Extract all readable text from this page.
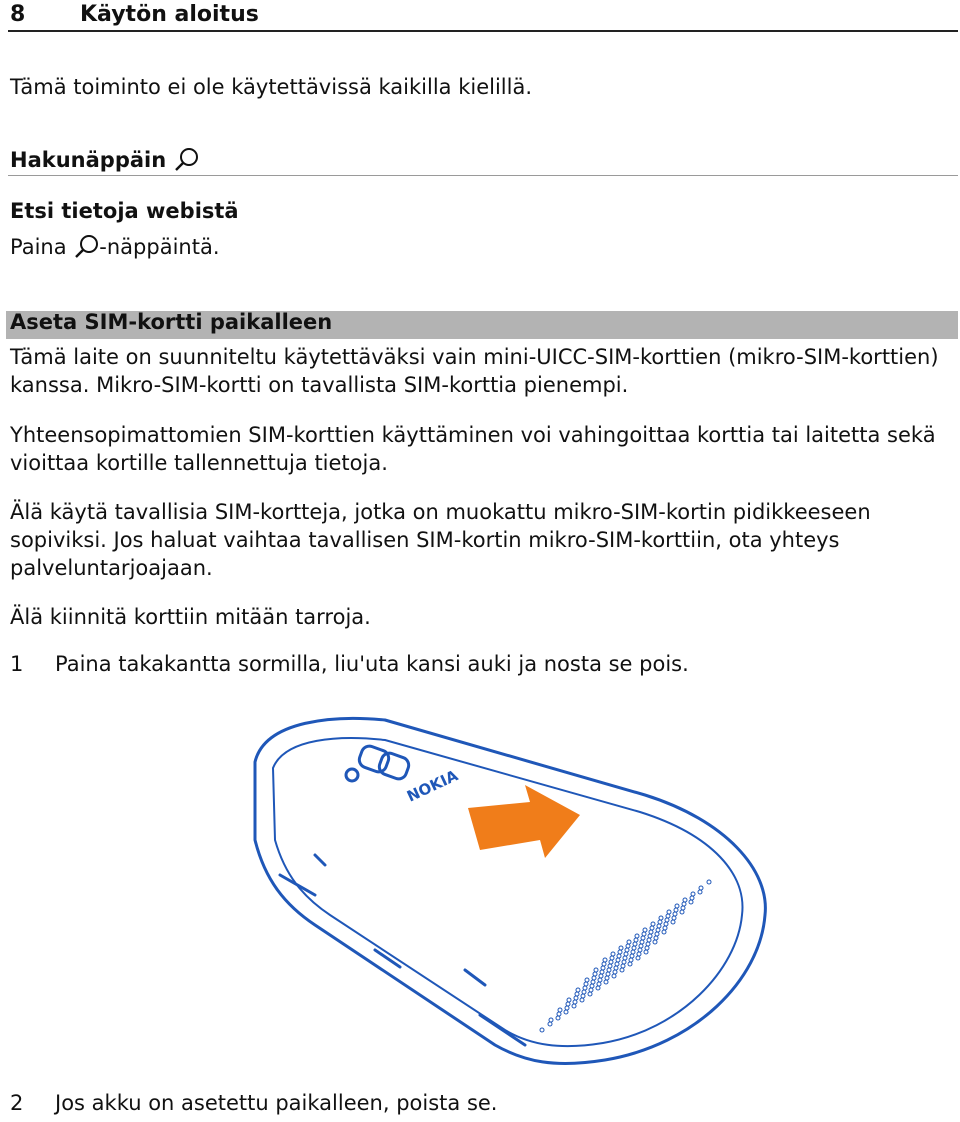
8 Käytön aloitus
Tämä toiminto ei ole käytettävissä kaikilla kielillä.
Hakunäppäin
Etsi tietoja webistä
Paina -näppäintä.
Aseta SIM-kortti paikalleen
Tämä laite on suunniteltu käytettäväksi vain mini-UICC-SIM-korttien (mikro-SIM-korttien) kanssa. Mikro-SIM-kortti on tavallista SIM-korttia pienempi.
Yhteensopimattomien SIM-korttien käyttäminen voi vahingoittaa korttia tai laitetta sekä vioittaa kortille tallennettuja tietoja.
Älä käytä tavallisia SIM-kortteja, jotka on muokattu mikro-SIM-kortin pidikkeeseen sopiviksi. Jos haluat vaihtaa tavallisen SIM-kortin mikro-SIM-korttiin, ota yhteys palveluntarjoajaan.
Älä kiinnitä korttiin mitään tarroja.
1 Paina takakantta sormilla, liu'uta kansi auki ja nosta se pois.
NOKIA
2 Jos akku on asetettu paikalleen, poista se.
